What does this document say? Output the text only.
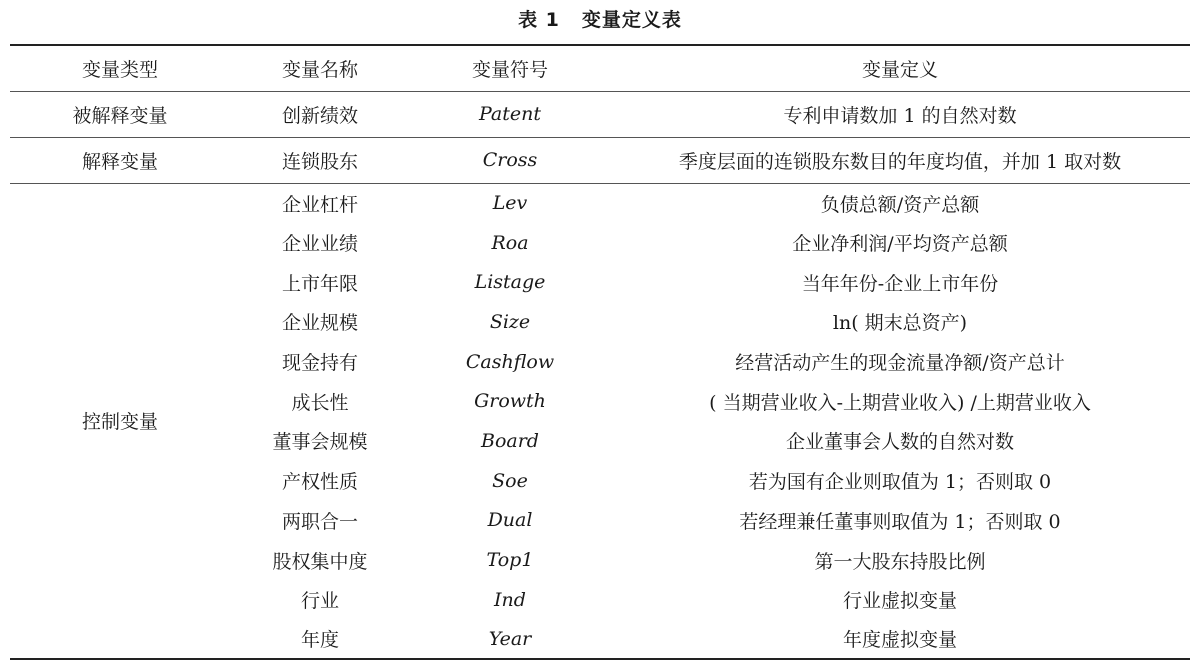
表 1 变量定义表
变量类型	变量名称	变量符号	变量定义
被解释变量	创新绩效	Patent	专利申请数加 1 的自然对数
解释变量	连锁股东	Cross	季度层面的连锁股东数目的年度均值，并加 1 取对数
控制变量	企业杠杆	Lev	负债总额/资产总额
	企业业绩	Roa	企业净利润/平均资产总额
	上市年限	Listage	当年年份-企业上市年份
	企业规模	Size	ln( 期末总资产)
	现金持有	Cashflow	经营活动产生的现金流量净额/资产总计
	成长性	Growth	( 当期营业收入-上期营业收入) /上期营业收入
	董事会规模	Board	企业董事会人数的自然对数
	产权性质	Soe	若为国有企业则取值为 1；否则取 0
	两职合一	Dual	若经理兼任董事则取值为 1；否则取 0
	股权集中度	Top1	第一大股东持股比例
	行业	Ind	行业虚拟变量
	年度	Year	年度虚拟变量
